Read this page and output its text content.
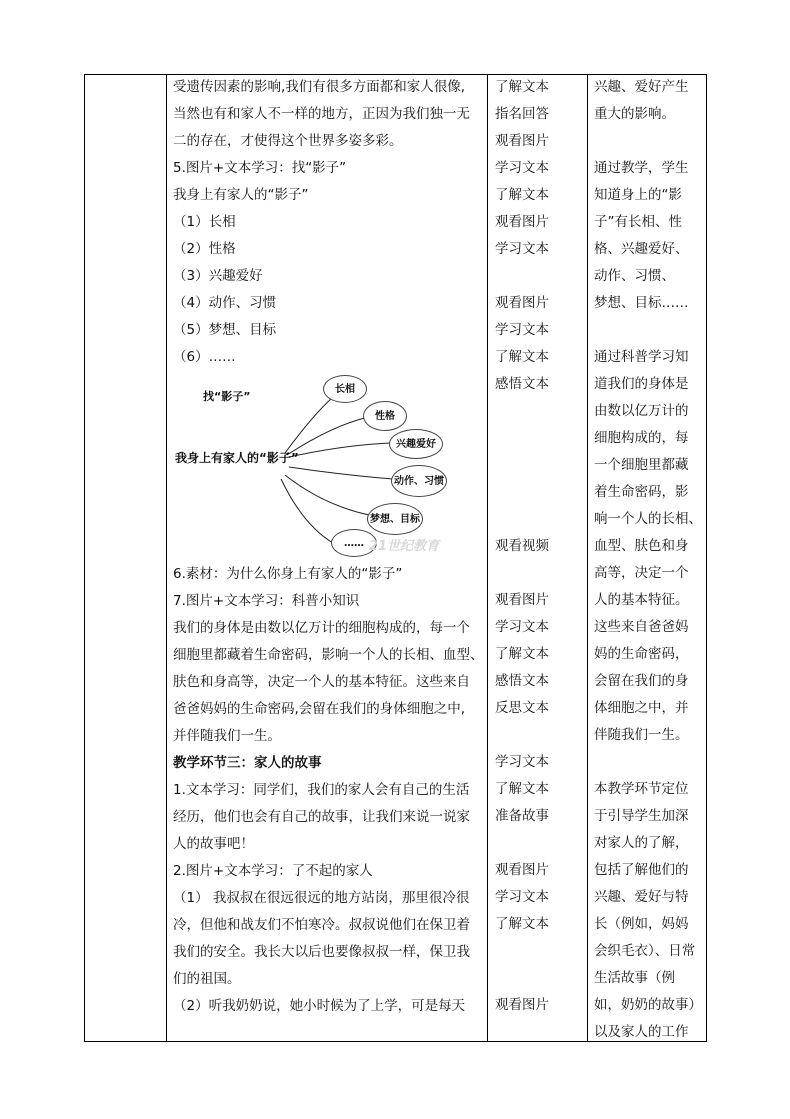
受遗传因素的影响,我们有很多方面都和家人很像,

当然也有和家人不一样的地方，正因为我们独一无

二的存在，才使得这个世界多姿多彩。

5.图片+文本学习：找“影子”

我身上有家人的“影子”

（1）长相

（2）性格

（3）兴趣爱好

（4）动作、习惯

（5）梦想、目标

（6）……

找“影子”
我身上有家人的“影子”
长相
性格
兴趣爱好
动作、习惯
梦想、目标
…… 21世纪教育

6.素材：为什么你身上有家人的“影子”

7.图片+文本学习：科普小知识

我们的身体是由数以亿万计的细胞构成的，每一个

细胞里都藏着生命密码，影响一个人的长相、血型、

肤色和身高等，决定一个人的基本特征。这些来自

爸爸妈妈的生命密码,会留在我们的身体细胞之中,

并伴随我们一生。

教学环节三：家人的故事

1.文本学习：同学们，我们的家人会有自己的生活

经历，他们也会有自己的故事，让我们来说一说家

人的故事吧！

2.图片+文本学习：了不起的家人

（1） 我叔叔在很远很远的地方站岗，那里很冷很

冷，但他和战友们不怕寒冷。叔叔说他们在保卫着

我们的安全。我长大以后也要像叔叔一样，保卫我

们的祖国。

（2）听我奶奶说，她小时候为了上学，可是每天

了解文本

指名回答

观看图片

学习文本

了解文本

观看图片

学习文本

观看图片

学习文本

了解文本

感悟文本

观看视频

观看图片

学习文本

了解文本

感悟文本

反思文本

学习文本

了解文本

准备故事

观看图片

学习文本

了解文本

观看图片

兴趣、爱好产生

重大的影响。

通过教学，学生

知道身上的“影

子”有长相、性

格、兴趣爱好、

动作、习惯、

梦想、目标……

通过科普学习知

道我们的身体是

由数以亿万计的

细胞构成的，每

一个细胞里都藏

着生命密码，影

响一个人的长相、

血型、肤色和身

高等，决定一个

人的基本特征。

这些来自爸爸妈

妈的生命密码，

会留在我们的身

体细胞之中，并

伴随我们一生。

本教学环节定位

于引导学生加深

对家人的了解，

包括了解他们的

兴趣、爱好与特

长（例如，妈妈

会织毛衣）、日常

生活故事（例

如，奶奶的故事）

以及家人的工作
